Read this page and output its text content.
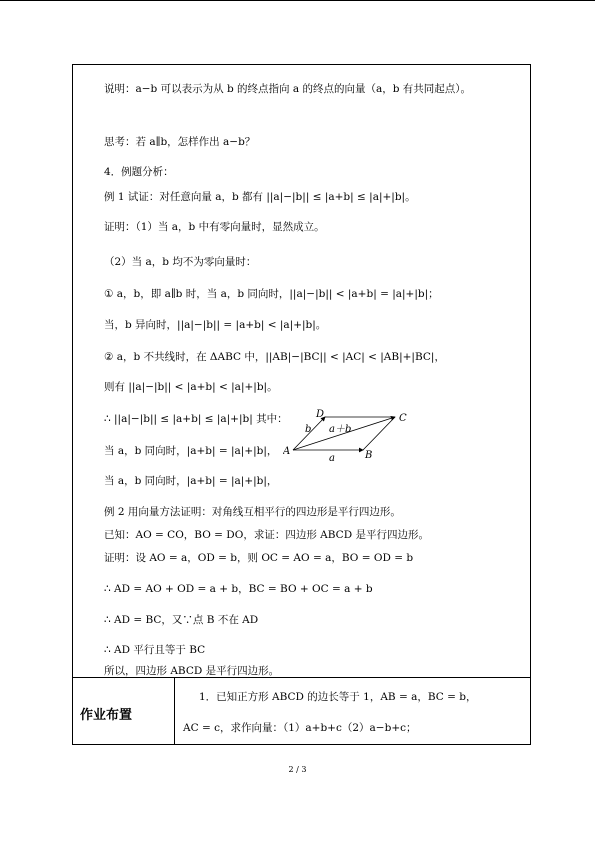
说明：a−b 可以表示为从 b 的终点指向 a 的终点的向量（a，b 有共同起点）。
思考：若 a∥b，怎样作出 a−b？
4．例题分析：
例 1 试证：对任意向量 a，b 都有 ||a|−|b|| ≤ |a+b| ≤ |a|+|b|。
证明：（1）当 a，b 中有零向量时，显然成立。
（2）当 a，b 均不为零向量时：
① a，b，即 a∥b 时，当 a，b 同向时，||a|−|b|| < |a+b| = |a|+|b|；
当，b 异向时，||a|−|b|| = |a+b| < |a|+|b|。
② a，b 不共线时，在 ΔABC 中，||AB|−|BC|| < |AC| < |AB|+|BC|，
则有 ||a|−|b|| < |a+b| < |a|+|b|。
∴ ||a|−|b|| ≤ |a+b| ≤ |a|+|b| 其中：
当 a，b 同向时，|a+b| = |a|+|b|，
当 a，b 同向时，|a+b| = |a|+|b|，
例 2 用向量方法证明：对角线互相平行的四边形是平行四边形。
已知：AO = CO，BO = DO，求证：四边形 ABCD 是平行四边形。
证明：设 AO = a，OD = b，则 OC = AO = a，BO = OD = b
∴ AD = AO + OD = a + b，BC = BO + OC = a + b
∴ AD = BC，又∵点 B 不在 AD
∴ AD 平行且等于 BC
所以，四边形 ABCD 是平行四边形。
D	C
A	B
b
a
a＋b
作业布置
1．已知正方形 ABCD 的边长等于 1，AB = a，BC = b，
AC = c，求作向量：（1）a+b+c（2）a−b+c；
2 / 3
